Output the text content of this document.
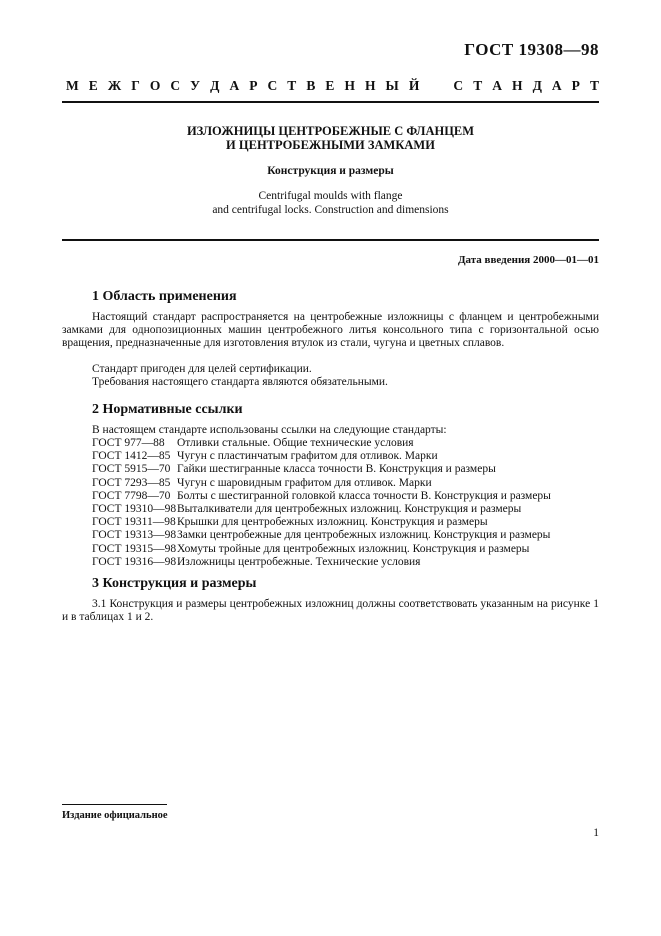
ГОСТ 19308—98
М Е Ж Г О С У Д А Р С Т В Е Н Н Ы Й	С Т А Н Д А Р Т
ИЗЛОЖНИЦЫ ЦЕНТРОБЕЖНЫЕ С ФЛАНЦЕМ
И ЦЕНТРОБЕЖНЫМИ ЗАМКАМИ
Конструкция и размеры
Centrifugal moulds with flange
and centrifugal locks. Construction and dimensions
Дата введения 2000—01—01
1 Область применения
Настоящий стандарт распространяется на центробежные изложницы с фланцем и центробежными замками для однопозиционных машин центробежного литья консольного типа с горизонтальной осью вращения, предназначенные для изготовления втулок из стали, чугуна и цветных сплавов.
Стандарт пригоден для целей сертификации.
Требования настоящего стандарта являются обязательными.
2 Нормативные ссылки
В настоящем стандарте использованы ссылки на следующие стандарты:
ГОСТ 977—88 Отливки стальные. Общие технические условия
ГОСТ 1412—85 Чугун с пластинчатым графитом для отливок. Марки
ГОСТ 5915—70 Гайки шестигранные класса точности В. Конструкция и размеры
ГОСТ 7293—85 Чугун с шаровидным графитом для отливок. Марки
ГОСТ 7798—70 Болты с шестигранной головкой класса точности В. Конструкция и размеры
ГОСТ 19310—98Выталкиватели для центробежных изложниц. Конструкция и размеры
ГОСТ 19311—98Крышки для центробежных изложниц. Конструкция и размеры
ГОСТ 19313—98Замки центробежные для центробежных изложниц. Конструкция и размеры
ГОСТ 19315—98Хомуты тройные для центробежных изложниц. Конструкция и размеры
ГОСТ 19316—98Изложницы центробежные. Технические условия
3 Конструкция и размеры
3.1 Конструкция и размеры центробежных изложниц должны соответствовать указанным на рисунке 1 и в таблицах 1 и 2.
Издание официальное
1
